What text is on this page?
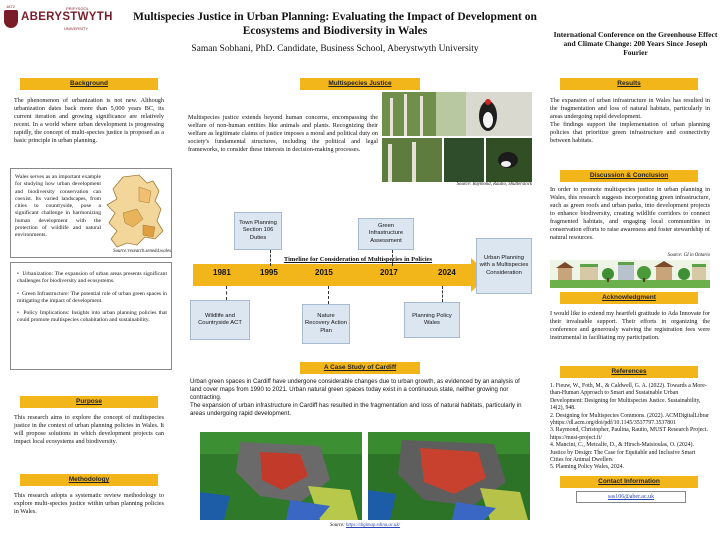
1872	PRIFYSGOL
ABERYSTWYTH
UNIVERSITY
Multispecies Justice in Urban Planning: Evaluating the Impact of Development on Ecosystems and Biodiversity in Wales
Saman Sobhani, PhD. Candidate, Business School, Aberystwyth University
International Conference on the Greenhouse Effect and Climate Change: 200 Years Since Joseph Fourier
Background
The phenomenon of urbanization is not new. Although urbanization dates back more than 5,000 years BC, its current iteration and growing significance are relatively recent. In a world where urban development is progressing rapidly, the concept of multi-species justice is proposed as a basic principle in urban planning.
Wales serves as an important example for studying how urban development and biodiversity conservation can coexist. Its varied landscapes, from cities to countryside, pose a significant challenge in harmonizing human development with the protection of wildlife and natural environments.
Source:research.senedd.wales
•  Urbanization: The expansion of urban areas presents significant challenges for biodiversity and ecosystems.
•  Green Infrastructure: The potential role of urban green spaces in mitigating the impact of development.
•  Policy Implications: Insights into urban planning policies that could promote multispecies cohabitation and sustainability.
Purpose
This research aims to explore the concept of multispecies justice in the context of urban planning policies in Wales. It will propose solutions in which development projects can impact local ecosystems and biodiversity.
Methodology
This research adopts a systematic review methodology to explore multi-species justice within urban planning policies in Wales.
Multispecies Justice
Multispecies justice extends beyond human concerns, encompassing the welfare of non-human entities like animals and plants. Recognizing their welfare as legitimate claims of justice imposes a moral and political duty on society's fundamental structures, including the political and legal frameworks, to consider these interests in decision-making processes.
Source: Raymond, Rautio, Shutterstock
Timeline for Consideration of Multispecies in Policies
1981	1995	2015	2017	2024
Town Planning Section 106 Duties
Green Infrastructure Assessment
Urban Planning with a Multispecies Consideration
Wildlife and Countryside ACT
Nature Recovery Action Plan
Planning Policy Wales
A Case Study of Cardiff
Urban green spaces in Cardiff have undergone considerable changes due to urban growth, as evidenced by an analysis of land cover maps from 1990 to 2021. Urban natural green spaces today exist in a continuous state, neither growing nor contracting.
The expansion of urban infrastructure in Cardiff has resulted in the fragmentation and loss of natural habitats, particularly in areas undergoing rapid development.
Source: https://digimap.edina.ac.uk/
Results
The expansion of urban infrastructure in Wales has resulted in the fragmentation and loss of natural habitats, particularly in areas undergoing rapid development.
The findings support the implementation of urban planning policies that prioritize green infrastructure and connectivity between habitats.
Discussion & Conclusion
In order to promote multispecies justice in urban planning in Wales, this research suggests incorporating green infrastructure, such as green roofs and urban parks, into development projects to enhance biodiversity, creating wildlife corridors to connect fragmented habitats, and engaging local communities in conservation efforts to raise awareness and foster stewardship of natural resources.
Source: GI in Ontario
Acknowledgment
I would like to extend my heartfelt gratitude to Ada Innovate for their invaluable support. Their efforts in organizing the conference and generously waiving the registration fees were instrumental in facilitating my participation.
References
1. Fieuw, W., Foth, M., & Caldwell, G. A. (2022). Towards a More-than-Human Approach to Smart and Sustainable Urban Development: Designing for Multispecies Justice. Sustainability, 14(2), 948.
2. Designing for Multispecies Commons. (2022). ACMDigitalLibraryhttps://dl.acm.org/doi/pdf/10.1145/3537797.3537801
3. Raymond, Christopher, Paulina, Rautio, MUST Research Project. https://must-project.fi/
4. Mancini, C., Metcalfe, D., & Hirsch-Matsioulas, O. (2024). Justice by Design: The Case for Equitable and Inclusive Smart Cities for Animal Dwellers
5. Planning Policy Wales, 2024.
Contact Information
sas106@aber.ac.uk
